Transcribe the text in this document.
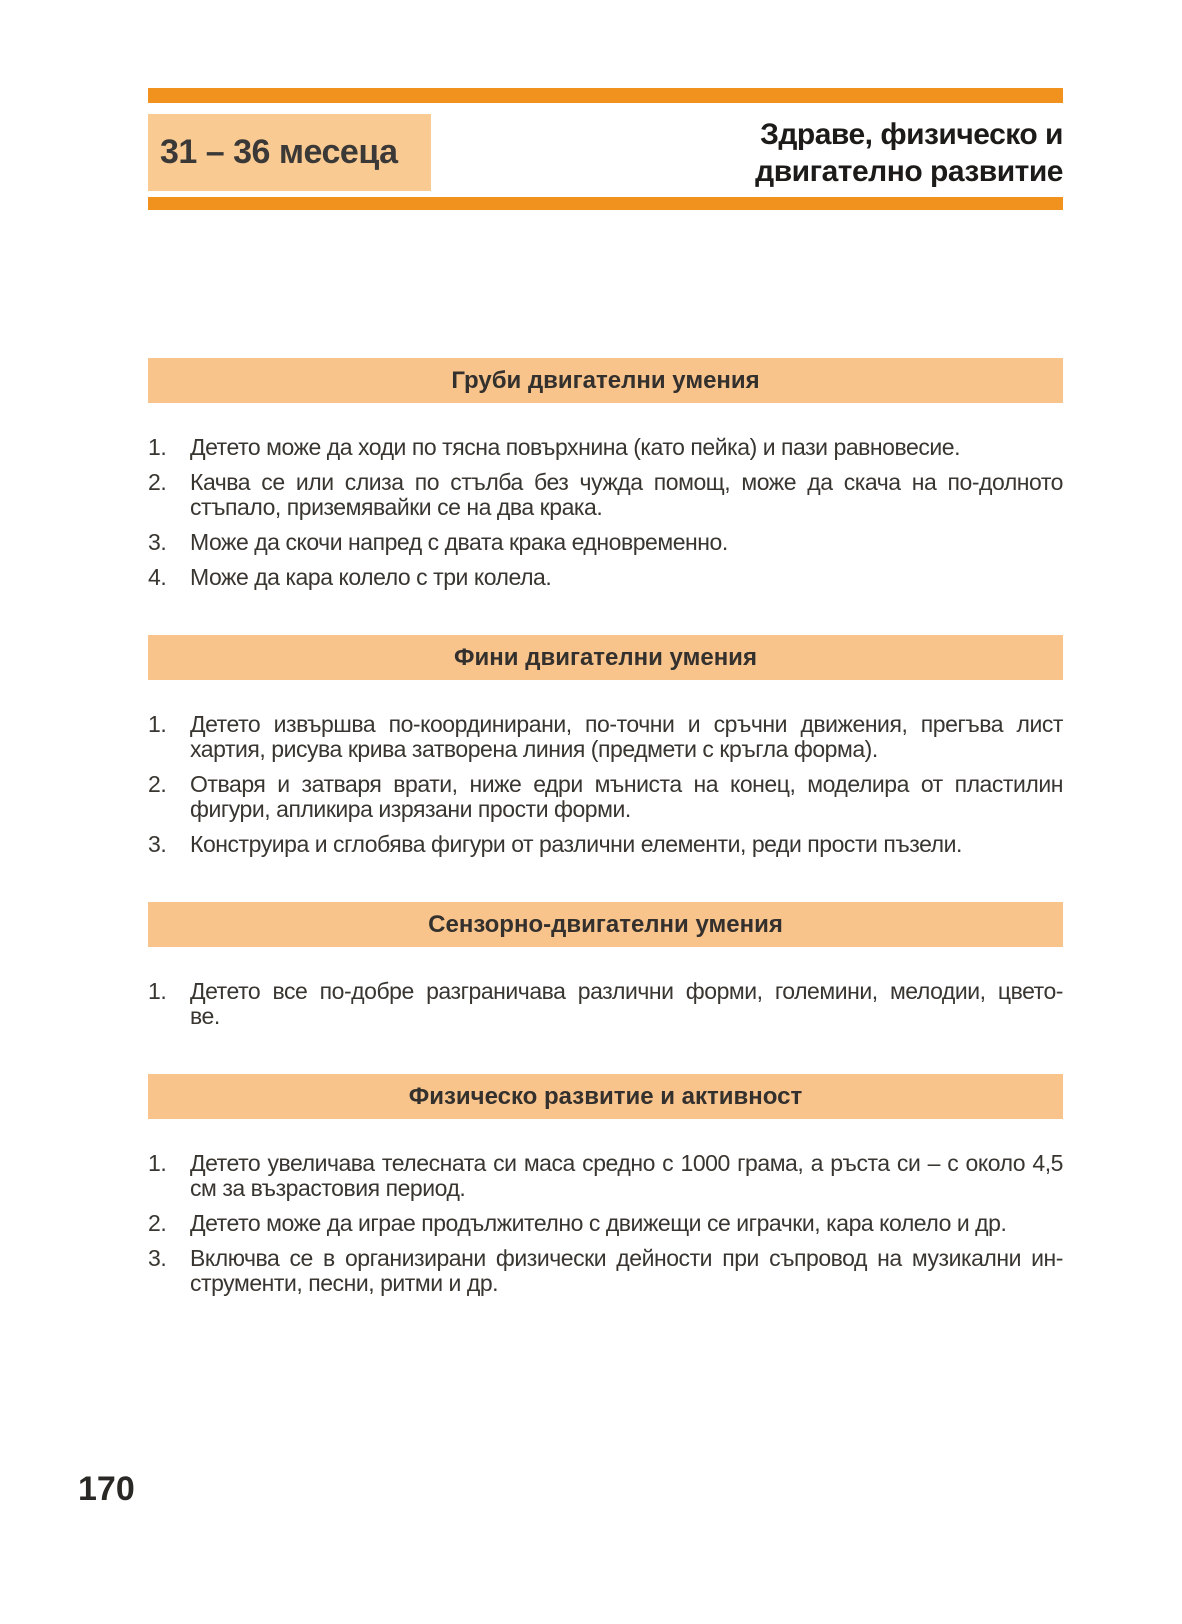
31 – 36 месеца	Здраве, физическо и
двигателно развитие
Груби двигателни умения
1.	Детето може да ходи по тясна повърхнина (като пейка) и пази равновесие.
2.	Качва се или слиза по стълба без чужда помощ, може да скача на по-долното
стъпало, приземявайки се на два крака.
3.	Може да скочи напред с двата крака едновременно.
4.	Може да кара колело с три колела.
Фини двигателни умения
1.	Детето извършва по-координирани, по-точни и сръчни движения, прегъва лист
хартия, рисува крива затворена линия (предмети с кръгла форма).
2.	Отваря и затваря врати, ниже едри мъниста на конец, моделира от пластилин
фигури, апликира изрязани прости форми.
3.	Конструира и сглобява фигури от различни елементи, реди прости пъзели.
Сензорно-двигателни умения
1.	Детето все по-добре разграничава различни форми, големини, мелодии, цвето-
ве.
Физическо развитие и активност
1.	Детето увеличава телесната си маса средно с 1000 грама, а ръста си – с около 4,5
см за възрастовия период.
2.	Детето може да играе продължително с движещи се играчки, кара колело и др.
3.	Включва се в организирани физически дейности при съпровод на музикални ин-
струменти, песни, ритми и др.
170
